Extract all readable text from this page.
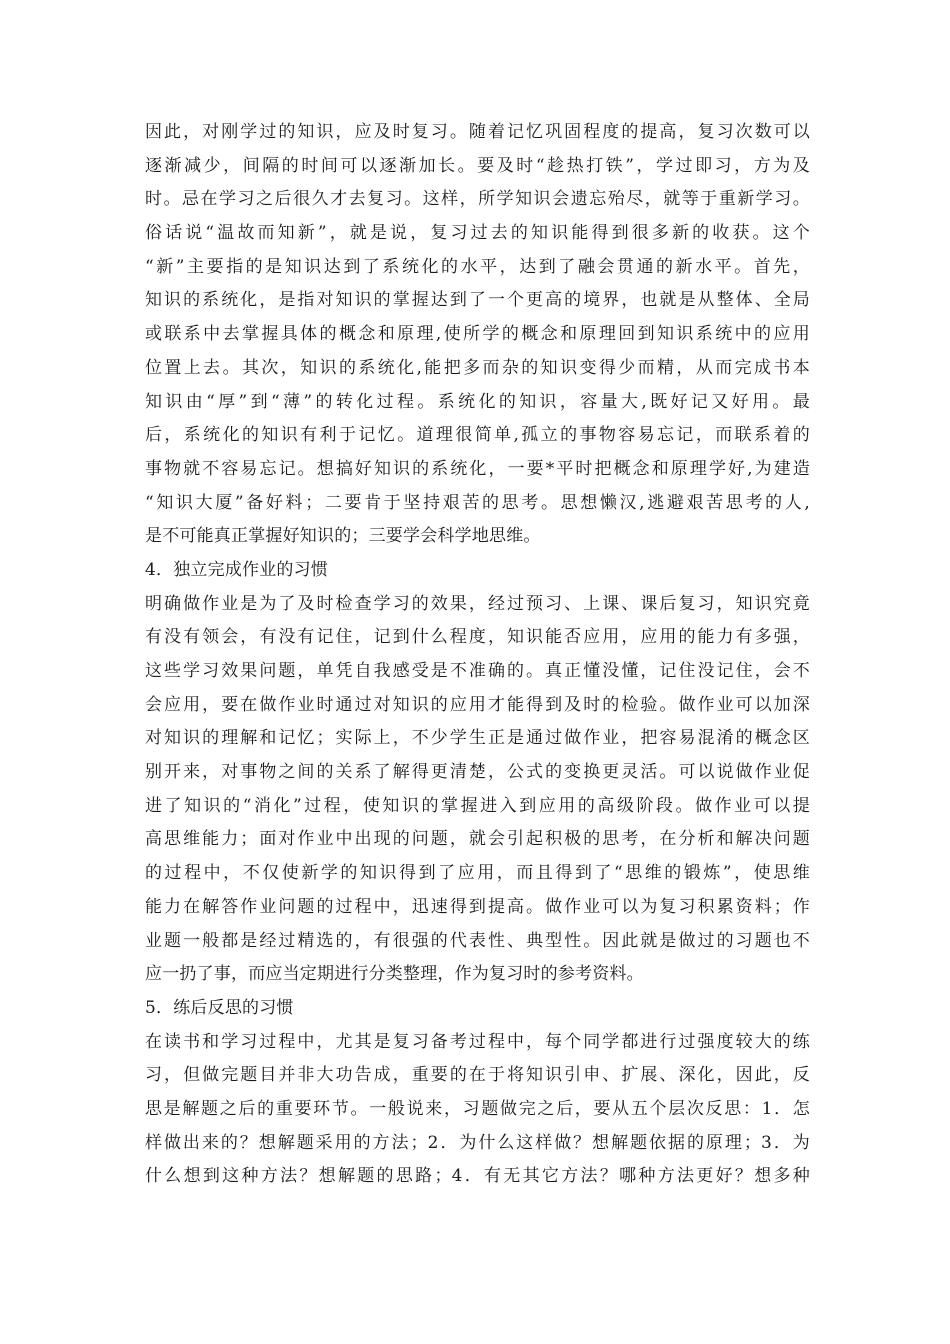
因此，对刚学过的知识，应及时复习。随着记忆巩固程度的提高，复习次数可以
逐渐减少，间隔的时间可以逐渐加长。要及时“趁热打铁”，学过即习，方为及
时。忌在学习之后很久才去复习。这样，所学知识会遗忘殆尽，就等于重新学习。
俗话说“温故而知新”，就是说，复习过去的知识能得到很多新的收获。这个
“新”主要指的是知识达到了系统化的水平，达到了融会贯通的新水平。首先，
知识的系统化，是指对知识的掌握达到了一个更高的境界，也就是从整体、全局
或联系中去掌握具体的概念和原理,使所学的概念和原理回到知识系统中的应用
位置上去。其次，知识的系统化,能把多而杂的知识变得少而精，从而完成书本
知识由“厚”到“薄”的转化过程。系统化的知识，容量大,既好记又好用。最
后，系统化的知识有利于记忆。道理很简单,孤立的事物容易忘记，而联系着的
事物就不容易忘记。想搞好知识的系统化，一要*平时把概念和原理学好,为建造
“知识大厦”备好料；二要肯于坚持艰苦的思考。思想懒汉,逃避艰苦思考的人,
是不可能真正掌握好知识的；三要学会科学地思维。
4．独立完成作业的习惯
明确做作业是为了及时检查学习的效果，经过预习、上课、课后复习，知识究竟
有没有领会，有没有记住，记到什么程度，知识能否应用，应用的能力有多强，
这些学习效果问题，单凭自我感受是不准确的。真正懂没懂，记住没记住，会不
会应用，要在做作业时通过对知识的应用才能得到及时的检验。做作业可以加深
对知识的理解和记忆；实际上，不少学生正是通过做作业，把容易混淆的概念区
别开来，对事物之间的关系了解得更清楚，公式的变换更灵活。可以说做作业促
进了知识的“消化”过程，使知识的掌握进入到应用的高级阶段。做作业可以提
高思维能力；面对作业中出现的问题，就会引起积极的思考，在分析和解决问题
的过程中，不仅使新学的知识得到了应用，而且得到了“思维的锻炼”，使思维
能力在解答作业问题的过程中，迅速得到提高。做作业可以为复习积累资料；作
业题一般都是经过精选的，有很强的代表性、典型性。因此就是做过的习题也不
应一扔了事，而应当定期进行分类整理，作为复习时的参考资料。
5．练后反思的习惯
在读书和学习过程中，尤其是复习备考过程中，每个同学都进行过强度较大的练
习，但做完题目并非大功告成，重要的在于将知识引申、扩展、深化，因此，反
思是解题之后的重要环节。一般说来，习题做完之后，要从五个层次反思：1．怎
样做出来的？想解题采用的方法；2．为什么这样做？想解题依据的原理；3．为
什么想到这种方法？想解题的思路；4．有无其它方法？哪种方法更好？想多种
